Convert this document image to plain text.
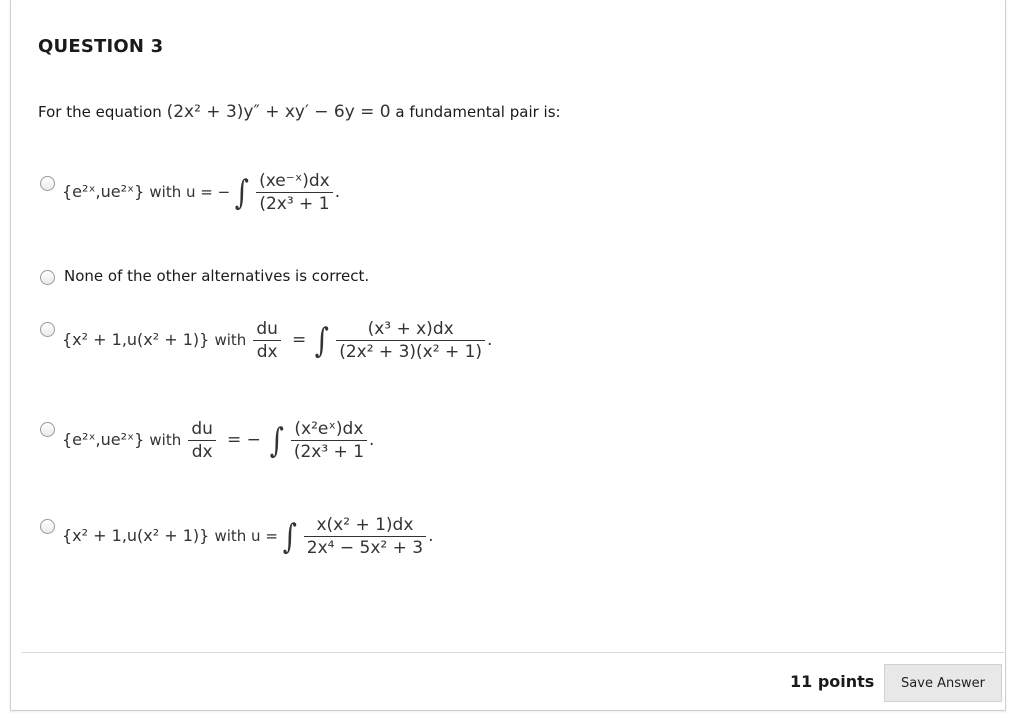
QUESTION 3
For the equation (2x² + 3)y″ + xy′ − 6y = 0 a fundamental pair is:
{e²ˣ,ue²ˣ} with u = − ∫ $\frac{\text{(xe⁻ˣ)dx}}{\text{(2x³ + 1}}$ .
None of the other alternatives is correct.
{x² + 1,u(x² + 1)} with $\frac{du}{dx}$ = ∫ $\frac{\text{(x³ + x)dx}}{\text{(2x² + 3)(x² + 1)}}$ .
{e²ˣ,ue²ˣ} with $\frac{du}{dx}$ = − ∫ $\frac{\text{(x²eˣ)dx}}{\text{(2x³ + 1}}$ .
{x² + 1,u(x² + 1)} with u = ∫ $\frac{\text{x(x² + 1)dx}}{\text{2x⁴ − 5x² + 3}}$ .
11 points	Save Answer
